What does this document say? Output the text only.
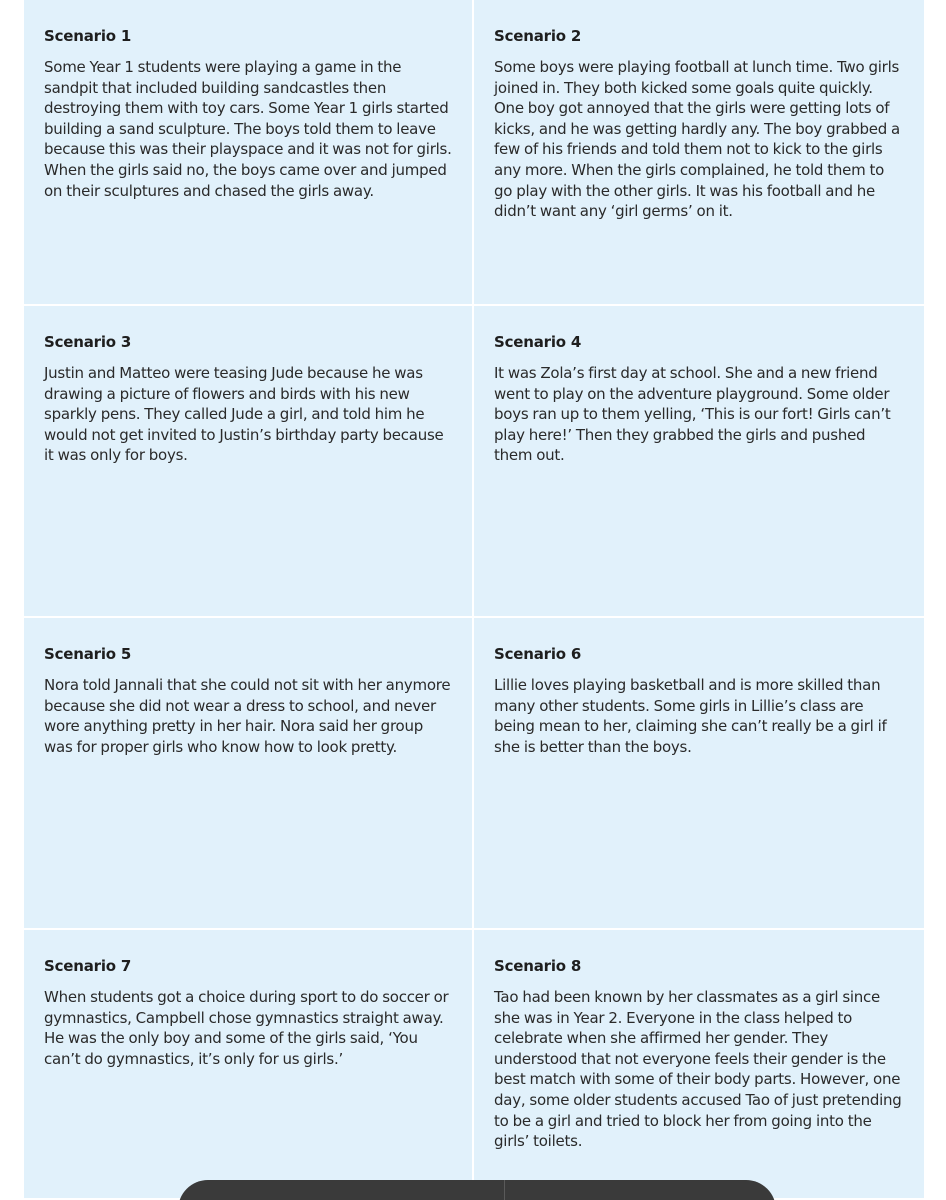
Scenario 1

Some Year 1 students were playing a game in the sandpit that included building sandcastles then destroying them with toy cars. Some Year 1 girls started building a sand sculpture. The boys told them to leave because this was their playspace and it was not for girls. When the girls said no, the boys came over and jumped on their sculptures and chased the girls away.

Scenario 2

Some boys were playing football at lunch time. Two girls joined in. They both kicked some goals quite quickly. One boy got annoyed that the girls were getting lots of kicks, and he was getting hardly any. The boy grabbed a few of his friends and told them not to kick to the girls any more. When the girls complained, he told them to go play with the other girls. It was his football and he didn’t want any ‘girl germs’ on it.

Scenario 3

Justin and Matteo were teasing Jude because he was drawing a picture of flowers and birds with his new sparkly pens. They called Jude a girl, and told him he would not get invited to Justin’s birthday party because it was only for boys.

Scenario 4

It was Zola’s first day at school. She and a new friend went to play on the adventure playground. Some older boys ran up to them yelling, ‘This is our fort! Girls can’t play here!’ Then they grabbed the girls and pushed them out.

Scenario 5

Nora told Jannali that she could not sit with her anymore because she did not wear a dress to school, and never wore anything pretty in her hair. Nora said her group was for proper girls who know how to look pretty.

Scenario 6

Lillie loves playing basketball and is more skilled than many other students. Some girls in Lillie’s class are being mean to her, claiming she can’t really be a girl if she is better than the boys.

Scenario 7

When students got a choice during sport to do soccer or gymnastics, Campbell chose gymnastics straight away. He was the only boy and some of the girls said, ‘You can’t do gymnastics, it’s only for us girls.’

Scenario 8

Tao had been known by her classmates as a girl since she was in Year 2. Everyone in the class helped to celebrate when she affirmed her gender. They understood that not everyone feels their gender is the best match with some of their body parts. However, one day, some older students accused Tao of just pretending to be a girl and tried to block her from going into the girls’ toilets.
